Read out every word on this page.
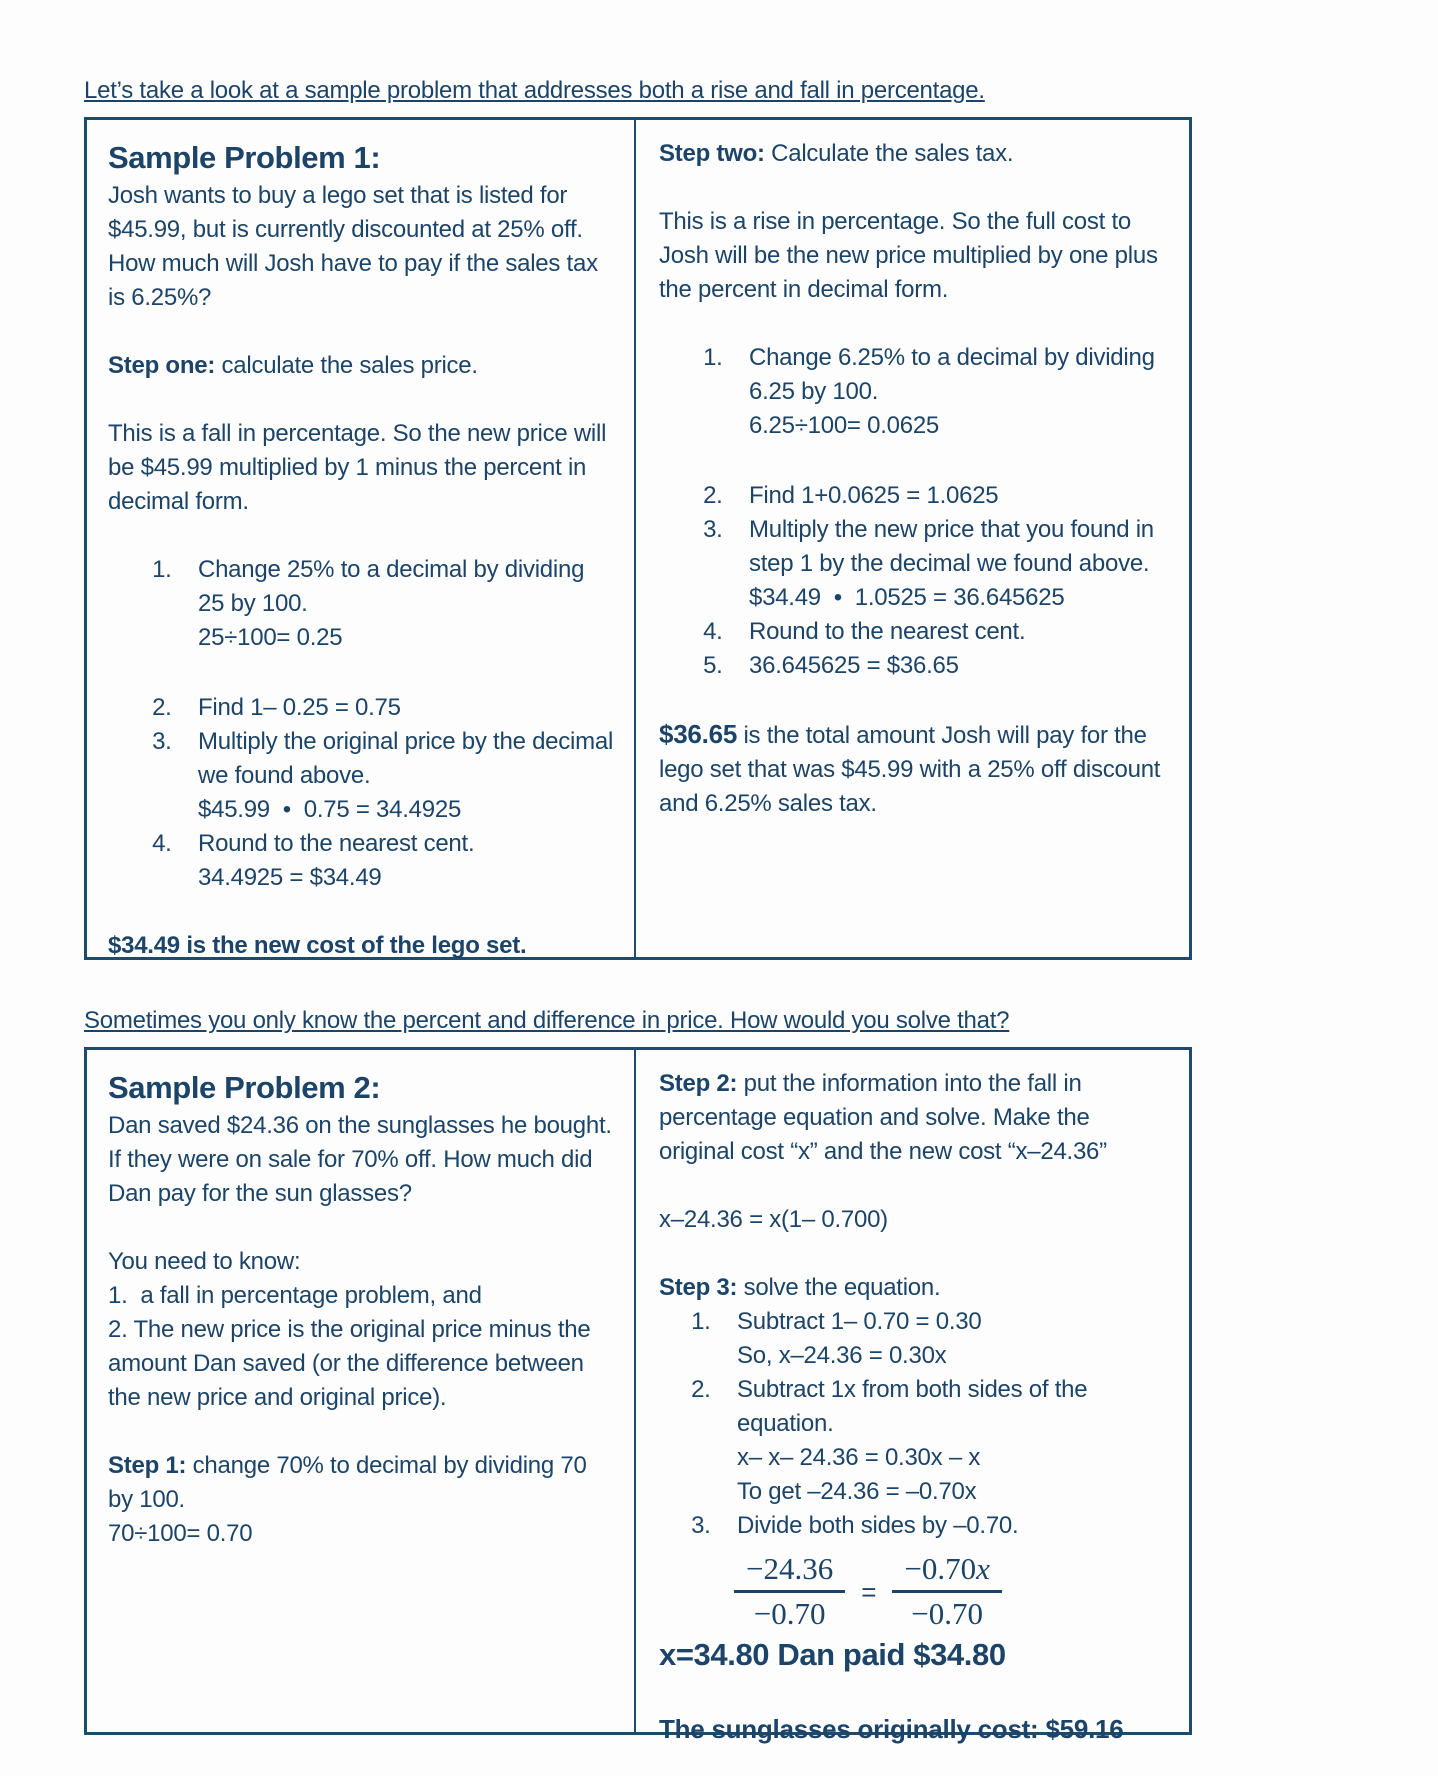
Let’s take a look at a sample problem that addresses both a rise and fall in percentage.

Sample Problem 1:

Josh wants to buy a lego set that is listed for $45.99, but is currently discounted at 25% off. How much will Josh have to pay if the sales tax is 6.25%?

Step one: calculate the sales price.

This is a fall in percentage. So the new price will be $45.99 multiplied by 1 minus the percent in decimal form.

1. Change 25% to a decimal by dividing 25 by 100.
25÷100= 0.25
2. Find 1– 0.25 = 0.75
3. Multiply the original price by the decimal we found above.
$45.99  •  0.75 = 34.4925
4. Round to the nearest cent.
34.4925 = $34.49

$34.49 is the new cost of the lego set.

Step two: Calculate the sales tax.

This is a rise in percentage. So the full cost to Josh will be the new price multiplied by one plus the percent in decimal form.

1. Change 6.25% to a decimal by dividing 6.25 by 100.
6.25÷100= 0.0625
2. Find 1+0.0625 = 1.0625
3. Multiply the new price that you found in step 1 by the decimal we found above.
$34.49  •  1.0525 = 36.645625
4. Round to the nearest cent.
5. 36.645625 = $36.65

$36.65 is the total amount Josh will pay for the lego set that was $45.99 with a 25% off discount and 6.25% sales tax.

Sometimes you only know the percent and difference in price. How would you solve that?

Sample Problem 2:

Dan saved $24.36 on the sunglasses he bought. If they were on sale for 70% off. How much did Dan pay for the sun glasses?

You need to know:

1.  a fall in percentage problem, and

2. The new price is the original price minus the amount Dan saved (or the difference between the new price and original price).

Step 1: change 70% to decimal by dividing 70 by 100.

70÷100= 0.70

Step 2: put the information into the fall in percentage equation and solve. Make the original cost “x” and the new cost “x–24.36”

x–24.36 = x(1– 0.700)

Step 3: solve the equation.

1. Subtract 1– 0.70 = 0.30
So, x–24.36 = 0.30x
2. Subtract 1x from both sides of the equation.
x– x– 24.36 = 0.30x – x
To get –24.36 = –0.70x
3. Divide both sides by –0.70.
$\frac{-24.36}{-0.70} = \frac{-0.70x}{-0.70}$

x=34.80 Dan paid $34.80

The sunglasses originally cost: $59.16
